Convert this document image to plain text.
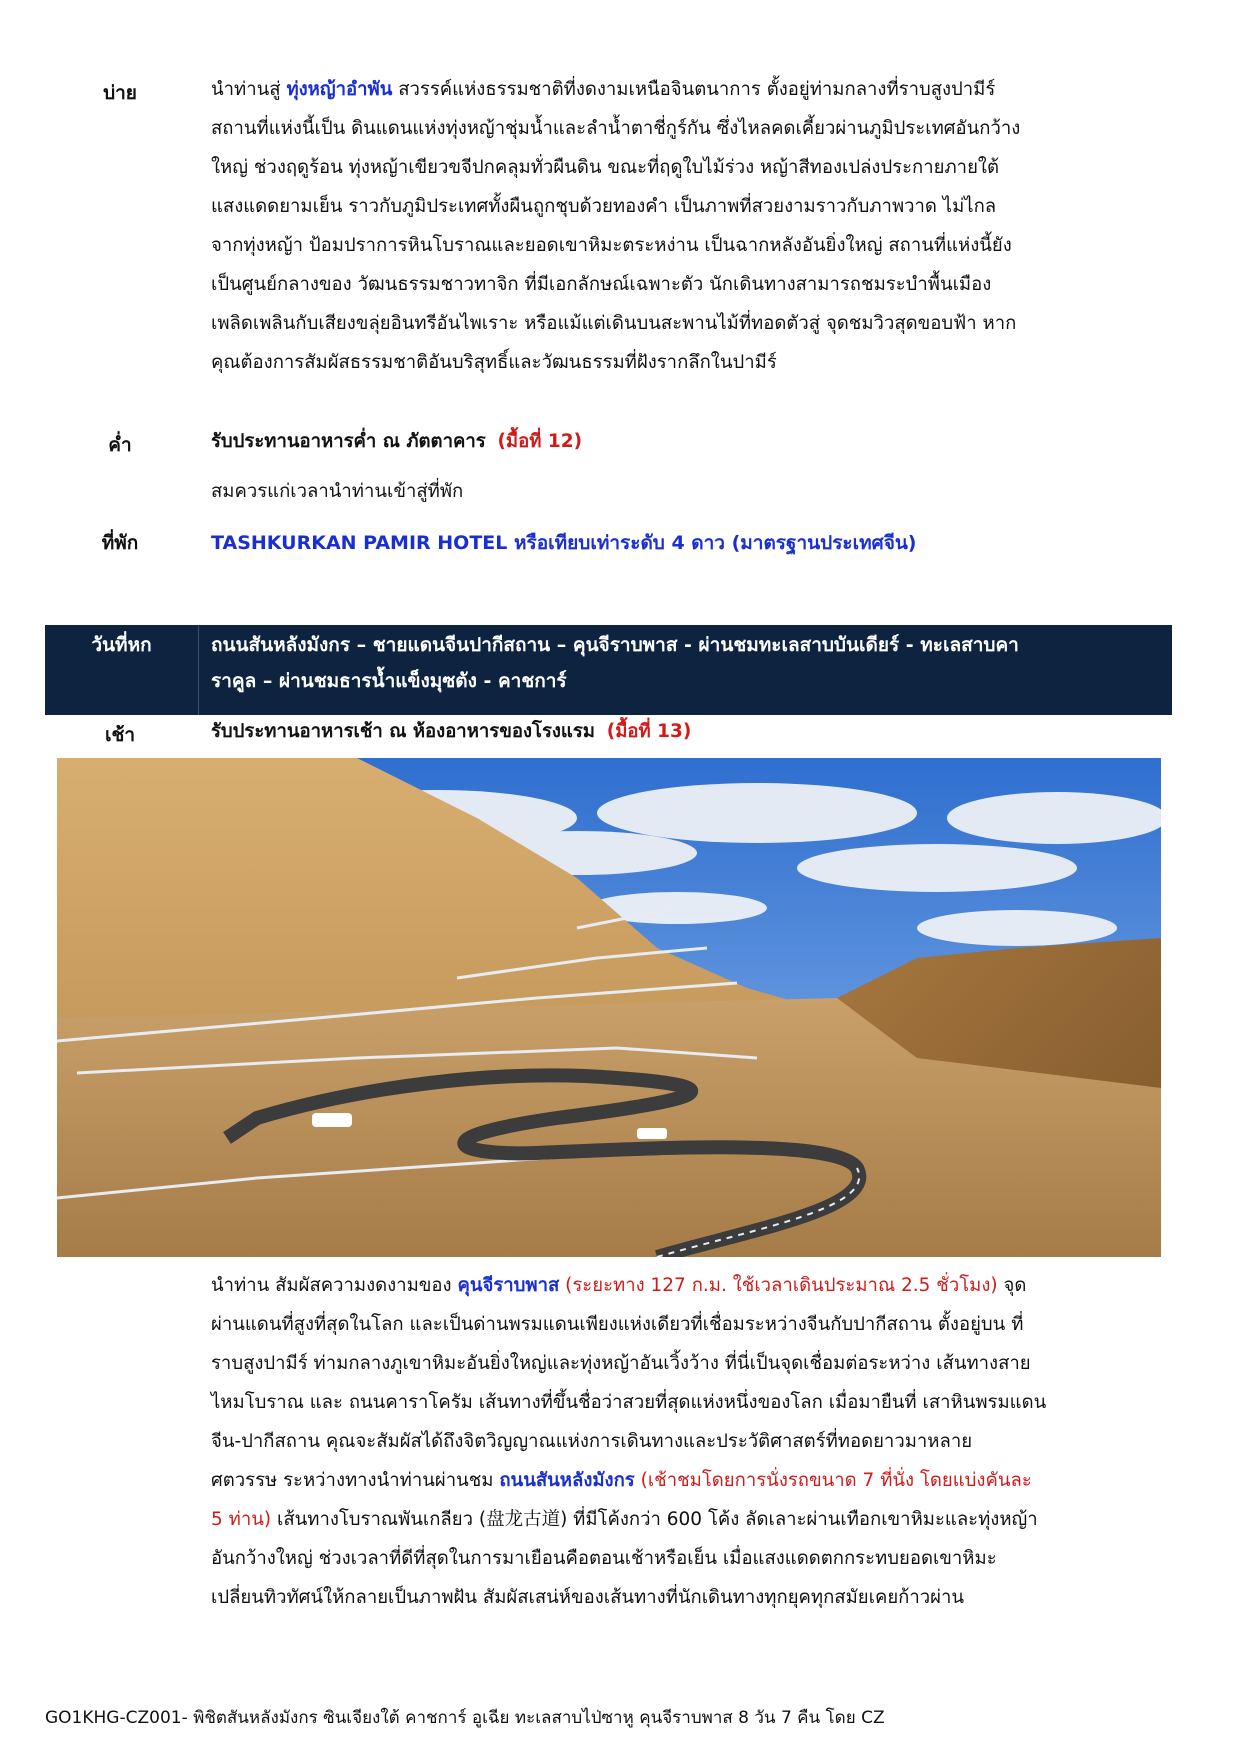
บ่าย	นำท่านสู่ ทุ่งหญ้าอำพัน สวรรค์แห่งธรรมชาติที่งดงามเหนือจินตนาการ ตั้งอยู่ท่ามกลางที่ราบสูงปามีร์
สถานที่แห่งนี้เป็น ดินแดนแห่งทุ่งหญ้าชุ่มน้ำและลำน้ำตาชี่กูร์กัน ซึ่งไหลคดเคี้ยวผ่านภูมิประเทศอันกว้าง
ใหญ่ ช่วงฤดูร้อน ทุ่งหญ้าเขียวขจีปกคลุมทั่วผืนดิน ขณะที่ฤดูใบไม้ร่วง หญ้าสีทองเปล่งประกายภายใต้
แสงแดดยามเย็น ราวกับภูมิประเทศทั้งผืนถูกชุบด้วยทองคำ เป็นภาพที่สวยงามราวกับภาพวาด ไม่ไกล
จากทุ่งหญ้า ป้อมปราการหินโบราณและยอดเขาหิมะตระหง่าน เป็นฉากหลังอันยิ่งใหญ่ สถานที่แห่งนี้ยัง
เป็นศูนย์กลางของ วัฒนธรรมชาวทาจิก ที่มีเอกลักษณ์เฉพาะตัว นักเดินทางสามารถชมระบำพื้นเมือง
เพลิดเพลินกับเสียงขลุ่ยอินทรีอันไพเราะ หรือแม้แต่เดินบนสะพานไม้ที่ทอดตัวสู่ จุดชมวิวสุดขอบฟ้า หาก
คุณต้องการสัมผัสธรรมชาติอันบริสุทธิ์และวัฒนธรรมที่ฝังรากลึกในปามีร์
ค่ำ	รับประทานอาหารค่ำ ณ ภัตตาคาร (มื้อที่ 12)
สมควรแก่เวลานำท่านเข้าสู่ที่พัก
ที่พัก	TASHKURKAN PAMIR HOTEL หรือเทียบเท่าระดับ 4 ดาว (มาตรฐานประเทศจีน)
วันที่หก	ถนนสันหลังมังกร – ชายแดนจีนปากีสถาน – คุนจีราบพาส - ผ่านชมทะเลสาบบันเดียร์ - ทะเลสาบคา
ราคูล – ผ่านชมธารน้ำแข็งมุซตัง - คาชการ์
เช้า	รับประทานอาหารเช้า ณ ห้องอาหารของโรงแรม (มื้อที่ 13)
นำท่าน สัมผัสความงดงามของ คุนจีราบพาส (ระยะทาง 127 ก.ม. ใช้เวลาเดินประมาณ 2.5 ชั่วโมง) จุด
ผ่านแดนที่สูงที่สุดในโลก และเป็นด่านพรมแดนเพียงแห่งเดียวที่เชื่อมระหว่างจีนกับปากีสถาน ตั้งอยู่บน ที่
ราบสูงปามีร์ ท่ามกลางภูเขาหิมะอันยิ่งใหญ่และทุ่งหญ้าอันเวิ้งว้าง ที่นี่เป็นจุดเชื่อมต่อระหว่าง เส้นทางสาย
ไหมโบราณ และ ถนนคาราโครัม เส้นทางที่ขึ้นชื่อว่าสวยที่สุดแห่งหนึ่งของโลก เมื่อมายืนที่ เสาหินพรมแดน
จีน-ปากีสถาน คุณจะสัมผัสได้ถึงจิตวิญญาณแห่งการเดินทางและประวัติศาสตร์ที่ทอดยาวมาหลาย
ศตวรรษ ระหว่างทางนำท่านผ่านชม ถนนสันหลังมังกร (เช้าชมโดยการนั่งรถขนาด 7 ที่นั่ง โดยแบ่งคันละ
5 ท่าน) เส้นทางโบราณพันเกลียว (盘龙古道) ที่มีโค้งกว่า 600 โค้ง ลัดเลาะผ่านเทือกเขาหิมะและทุ่งหญ้า
อันกว้างใหญ่ ช่วงเวลาที่ดีที่สุดในการมาเยือนคือตอนเช้าหรือเย็น เมื่อแสงแดดตกกระทบยอดเขาหิมะ
เปลี่ยนทิวทัศน์ให้กลายเป็นภาพฝัน สัมผัสเสน่ห์ของเส้นทางที่นักเดินทางทุกยุคทุกสมัยเคยก้าวผ่าน
GO1KHG-CZ001- พิชิตสันหลังมังกร ซินเจียงใต้ คาชการ์ อูเฉีย ทะเลสาบไป่ซาหู คุนจีราบพาส 8 วัน 7 คืน โดย CZ
